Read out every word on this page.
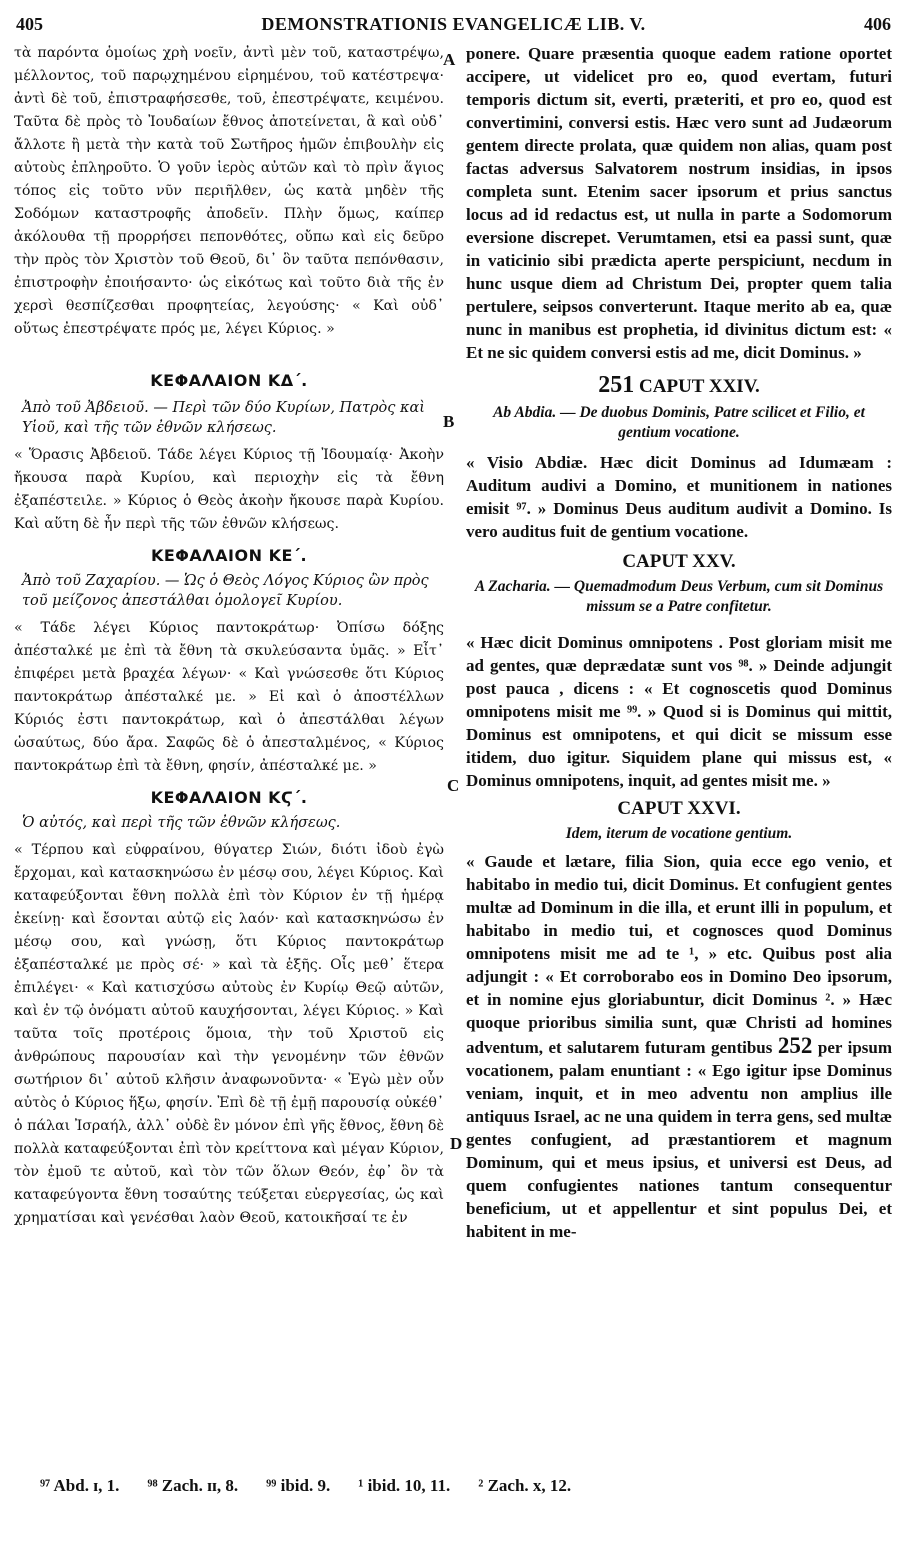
405	DEMONSTRATIONIS EVANGELICÆ LIB. V.	406
A
B
C
D

τὰ παρόντα ὁμοίως χρὴ νοεῖν, ἀντὶ μὲν τοῦ, καταστρέψω, μέλλοντος, τοῦ παρῳχημένου εἰρημένου, τοῦ κατέστρεψα· ἀντὶ δὲ τοῦ, ἐπιστραφήσεσθε, τοῦ, ἐπεστρέψατε, κειμένου. Ταῦτα δὲ πρὸς τὸ Ἰουδαίων ἔθνος ἀποτείνεται, ἃ καὶ οὐδ᾽ ἄλλοτε ἢ μετὰ τὴν κατὰ τοῦ Σωτῆρος ἡμῶν ἐπιβουλὴν εἰς αὐτοὺς ἐπληροῦτο. Ὁ γοῦν ἱερὸς αὐτῶν καὶ τὸ πρὶν ἅγιος τόπος εἰς τοῦτο νῦν περιῆλθεν, ὡς κατὰ μηδὲν τῆς Σοδόμων καταστροφῆς ἀποδεῖν. Πλὴν ὅμως, καίπερ ἀκόλουθα τῇ προρρήσει πεπονθότες, οὔπω καὶ εἰς δεῦρο τὴν πρὸς τὸν Χριστὸν τοῦ Θεοῦ, δι᾽ ὃν ταῦτα πεπόνθασιν, ἐπιστροφὴν ἐποιήσαντο· ὡς εἰκότως καὶ τοῦτο διὰ τῆς ἐν χερσὶ θεσπίζεσθαι προφητείας, λεγούσης· « Καὶ οὐδ᾽ οὕτως ἐπεστρέψατε πρός με, λέγει Κύριος. »

ΚΕΦΑΛΑΙΟΝ ΚΔ΄.

Ἀπὸ τοῦ Ἀβδειοῦ. — Περὶ τῶν δύο Κυρίων, Πατρὸς καὶ Υἱοῦ, καὶ τῆς τῶν ἐθνῶν κλήσεως.

« Ὅρασις Ἀβδειοῦ. Τάδε λέγει Κύριος τῇ Ἰδουμαίᾳ· Ἀκοὴν ἤκουσα παρὰ Κυρίου, καὶ περιοχὴν εἰς τὰ ἔθνη ἐξαπέστειλε. » Κύριος ὁ Θεὸς ἀκοὴν ἤκουσε παρὰ Κυρίου. Καὶ αὕτη δὲ ἦν περὶ τῆς τῶν ἐθνῶν κλήσεως.

ΚΕΦΑΛΑΙΟΝ ΚΕ΄.

Ἀπὸ τοῦ Ζαχαρίου. — Ὡς ὁ Θεὸς Λόγος Κύριος ὢν πρὸς τοῦ μείζονος ἀπεστάλθαι ὁμολογεῖ Κυρίου.

« Τάδε λέγει Κύριος παντοκράτωρ· Ὀπίσω δόξης ἀπέσταλκέ με ἐπὶ τὰ ἔθνη τὰ σκυλεύσαντα ὑμᾶς. » Εἶτ᾽ ἐπιφέρει μετὰ βραχέα λέγων· « Καὶ γνώσεσθε ὅτι Κύριος παντοκράτωρ ἀπέσταλκέ με. » Εἰ καὶ ὁ ἀποστέλλων Κύριός ἐστι παντοκράτωρ, καὶ ὁ ἀπεστάλθαι λέγων ὡσαύτως, δύο ἄρα. Σαφῶς δὲ ὁ ἀπεσταλμένος, « Κύριος παντοκράτωρ ἐπὶ τὰ ἔθνη, φησίν, ἀπέσταλκέ με. »

ΚΕΦΑΛΑΙΟΝ ΚϚ΄.

Ὁ αὐτός, καὶ περὶ τῆς τῶν ἐθνῶν κλήσεως.

« Τέρπου καὶ εὐφραίνου, θύγατερ Σιών, διότι ἰδοὺ ἐγὼ ἔρχομαι, καὶ κατασκηνώσω ἐν μέσῳ σου, λέγει Κύριος. Καὶ καταφεύξονται ἔθνη πολλὰ ἐπὶ τὸν Κύριον ἐν τῇ ἡμέρᾳ ἐκείνῃ· καὶ ἔσονται αὐτῷ εἰς λαόν· καὶ κατασκηνώσω ἐν μέσῳ σου, καὶ γνώσῃ, ὅτι Κύριος παντοκράτωρ ἐξαπέσταλκέ με πρὸς σέ· » καὶ τὰ ἑξῆς. Οἷς μεθ᾽ ἕτερα ἐπιλέγει· « Καὶ κατισχύσω αὐτοὺς ἐν Κυρίῳ Θεῷ αὐτῶν, καὶ ἐν τῷ ὀνόματι αὐτοῦ καυχήσονται, λέγει Κύριος. » Καὶ ταῦτα τοῖς προτέροις ὅμοια, τὴν τοῦ Χριστοῦ εἰς ἀνθρώπους παρουσίαν καὶ τὴν γενομένην τῶν ἐθνῶν σωτήριον δι᾽ αὐτοῦ κλῆσιν ἀναφωνοῦντα· « Ἐγὼ μὲν οὖν αὐτὸς ὁ Κύριος ἥξω, φησίν. Ἐπὶ δὲ τῇ ἐμῇ παρουσίᾳ οὐκέθ᾽ ὁ πάλαι Ἰσραήλ, ἀλλ᾽ οὐδὲ ἓν μόνον ἐπὶ γῆς ἔθνος, ἔθνη δὲ πολλὰ καταφεύξονται ἐπὶ τὸν κρείττονα καὶ μέγαν Κύριον, τὸν ἐμοῦ τε αὐτοῦ, καὶ τὸν τῶν ὅλων Θεόν, ἐφ᾽ ὃν τὰ καταφεύγοντα ἔθνη τοσαύτης τεύξεται εὐεργεσίας, ὡς καὶ χρηματίσαι καὶ γενέσθαι λαὸν Θεοῦ, κατοικῆσαί τε ἐν

ponere. Quare præsentia quoque eadem ratione oportet accipere, ut videlicet pro eo, quod evertam, futuri temporis dictum sit, everti, præteriti, et pro eo, quod est convertimini, conversi estis. Hæc vero sunt ad Judæorum gentem directe prolata, quæ quidem non alias, quam post factas adversus Salvatorem nostrum insidias, in ipsos completa sunt. Etenim sacer ipsorum et prius sanctus locus ad id redactus est, ut nulla in parte a Sodomorum eversione discrepet. Verumtamen, etsi ea passi sunt, quæ in vaticinio sibi prædicta aperte perspiciunt, necdum in hunc usque diem ad Christum Dei, propter quem talia pertulere, seipsos converterunt. Itaque merito ab ea, quæ nunc in manibus est prophetia, id divinitus dictum est: « Et ne sic quidem conversi estis ad me, dicit Dominus. »

251 CAPUT XXIV.

Ab Abdia. — De duobus Dominis, Patre scilicet et Filio, et gentium vocatione.

« Visio Abdiæ. Hæc dicit Dominus ad Idumæam : Auditum audivi a Domino, et munitionem in nationes emisit ⁹⁷. » Dominus Deus auditum audivit a Domino. Is vero auditus fuit de gentium vocatione.

CAPUT XXV.

A Zacharia. — Quemadmodum Deus Verbum, cum sit Dominus missum se a Patre confitetur.

« Hæc dicit Dominus omnipotens . Post gloriam misit me ad gentes, quæ deprædatæ sunt vos ⁹⁸. » Deinde adjungit post pauca , dicens : « Et cognoscetis quod Dominus omnipotens misit me ⁹⁹. » Quod si is Dominus qui mittit, Dominus est omnipotens, et qui dicit se missum esse itidem, duo igitur. Siquidem plane qui missus est, « Dominus omnipotens, inquit, ad gentes misit me. »

CAPUT XXVI.

Idem, iterum de vocatione gentium.

« Gaude et lætare, filia Sion, quia ecce ego venio, et habitabo in medio tui, dicit Dominus. Et confugient gentes multæ ad Dominum in die illa, et erunt illi in populum, et habitabo in medio tui, et cognosces quod Dominus omnipotens misit me ad te ¹, » etc. Quibus post alia adjungit : « Et corroborabo eos in Domino Deo ipsorum, et in nomine ejus gloriabuntur, dicit Dominus ². » Hæc quoque prioribus similia sunt, quæ Christi ad homines adventum, et salutarem futuram gentibus 252 per ipsum vocationem, palam enuntiant : « Ego igitur ipse Dominus veniam, inquit, et in meo adventu non amplius ille antiquus Israel, ac ne una quidem in terra gens, sed multæ gentes confugient, ad præstantiorem et magnum Dominum, qui et meus ipsius, et universi est Deus, ad quem confugientes nationes tantum consequentur beneficium, ut et appellentur et sint populus Dei, et habitent in me-

⁹⁷ Abd. ɪ, 1. ⁹⁸ Zach. ɪɪ, 8. ⁹⁹ ibid. 9. ¹ ibid. 10, 11. ² Zach. x, 12.
